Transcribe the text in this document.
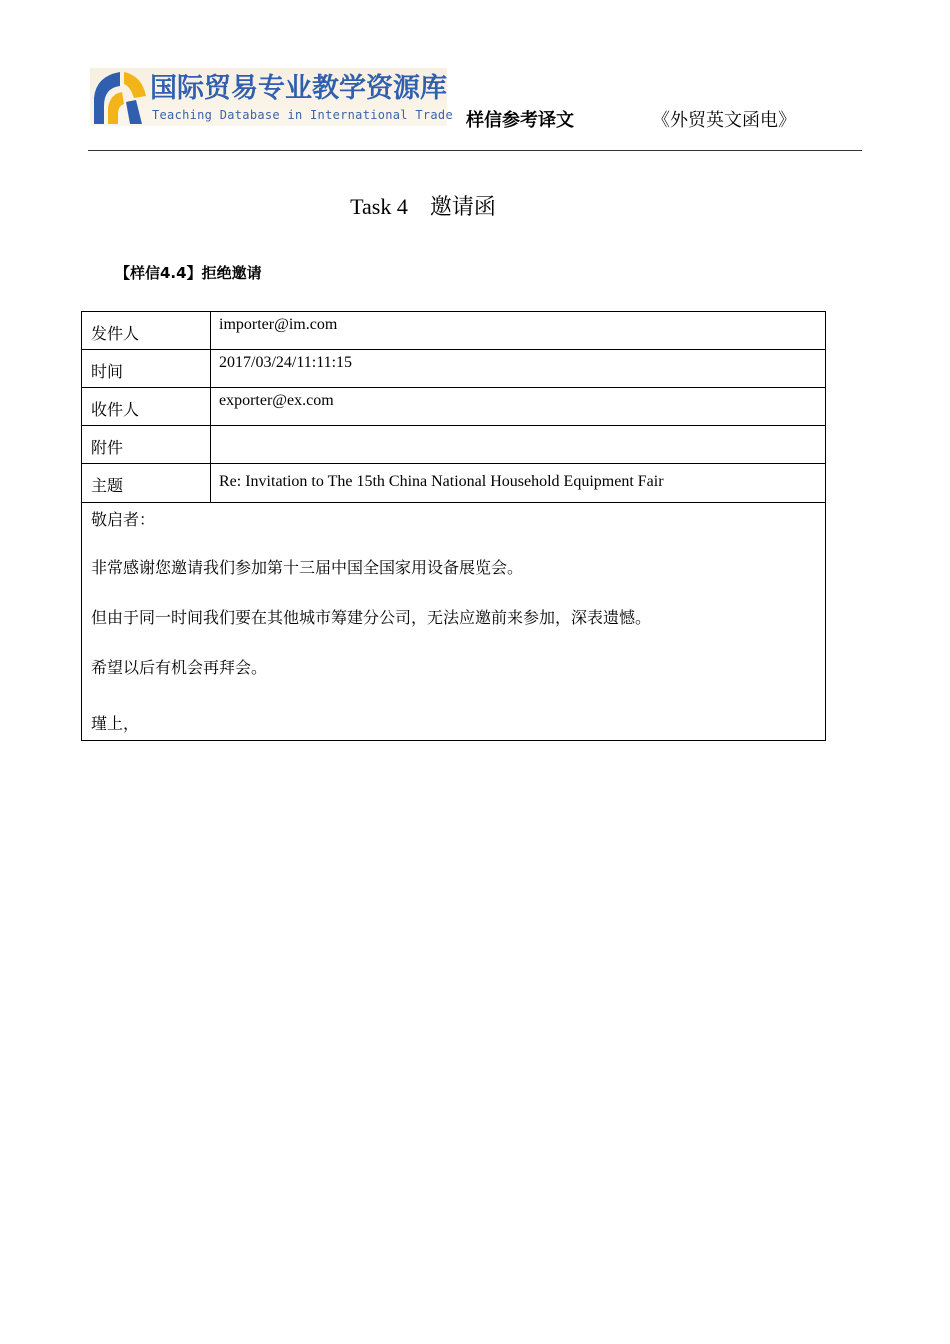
国际贸易专业教学资源库
Teaching Database in International Trade 样信参考译文	《外贸英文函电》
Task 4 邀请函
【样信4.4】拒绝邀请
发件人	importer@im.com
时间	2017/03/24/11:11:15
收件人	exporter@ex.com
附件
主题	Re: Invitation to The 15th China National Household Equipment Fair

敬启者：

非常感谢您邀请我们参加第十三届中国全国家用设备展览会。

但由于同一时间我们要在其他城市筹建分公司，无法应邀前来参加，深表遗憾。

希望以后有机会再拜会。

瑾上，
